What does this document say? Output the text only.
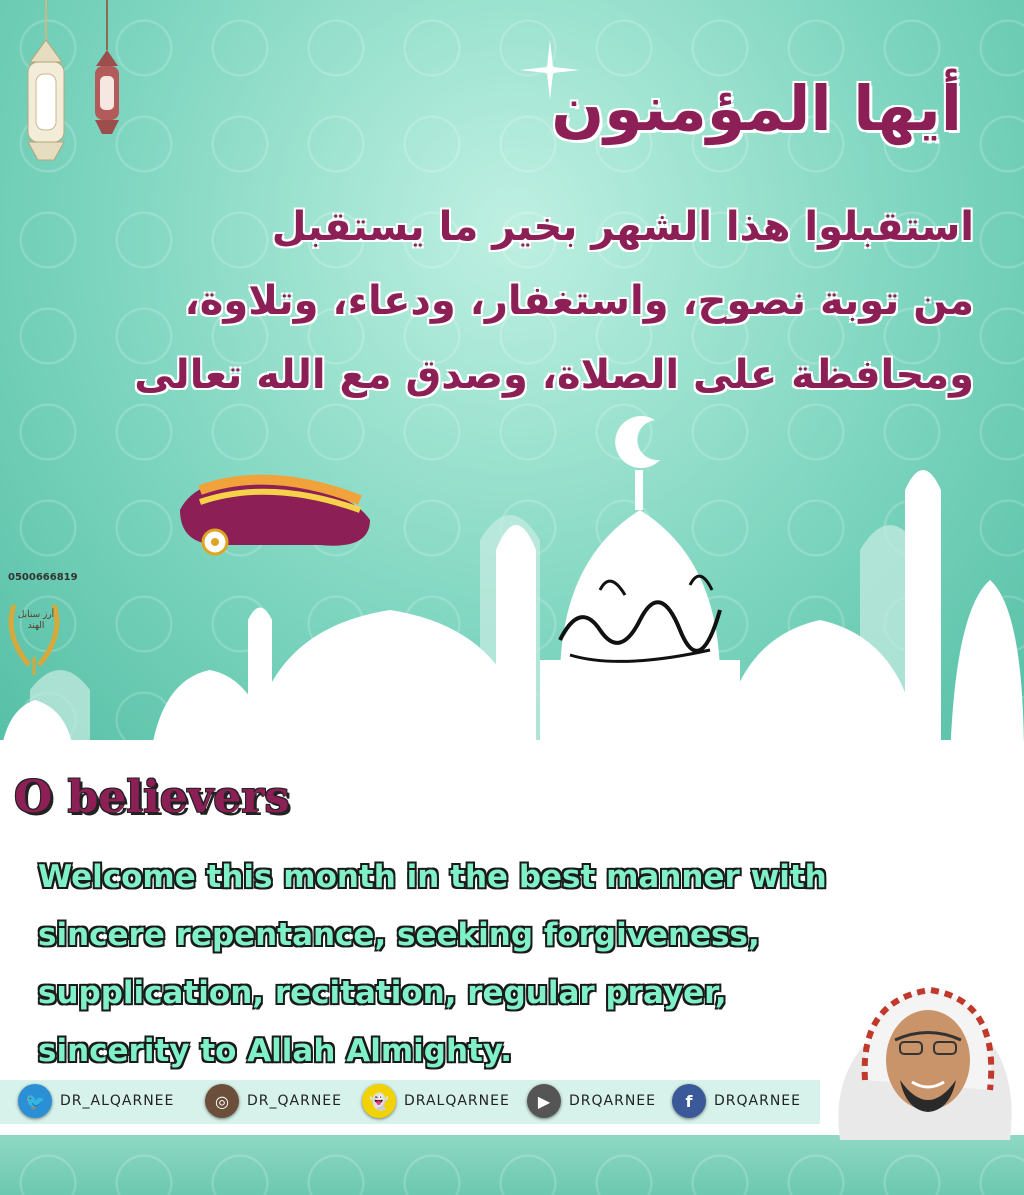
أيها المؤمنون
استقبلوا هذا الشهر بخير ما يستقبل
من توبة نصوح، واستغفار، ودعاء، وتلاوة،
ومحافظة على الصلاة، وصدق مع الله تعالى
0500666819
أرز سنابل الهند
O believers
Welcome this month in the best manner with
sincere repentance, seeking forgiveness,
supplication, recitation, regular prayer,
sincerity to Allah Almighty.
🐦	DR_ALQARNEE	◎	DR_QARNEE	👻	DRALQARNEE	▶	DRQARNEE	f	DRQARNEE
